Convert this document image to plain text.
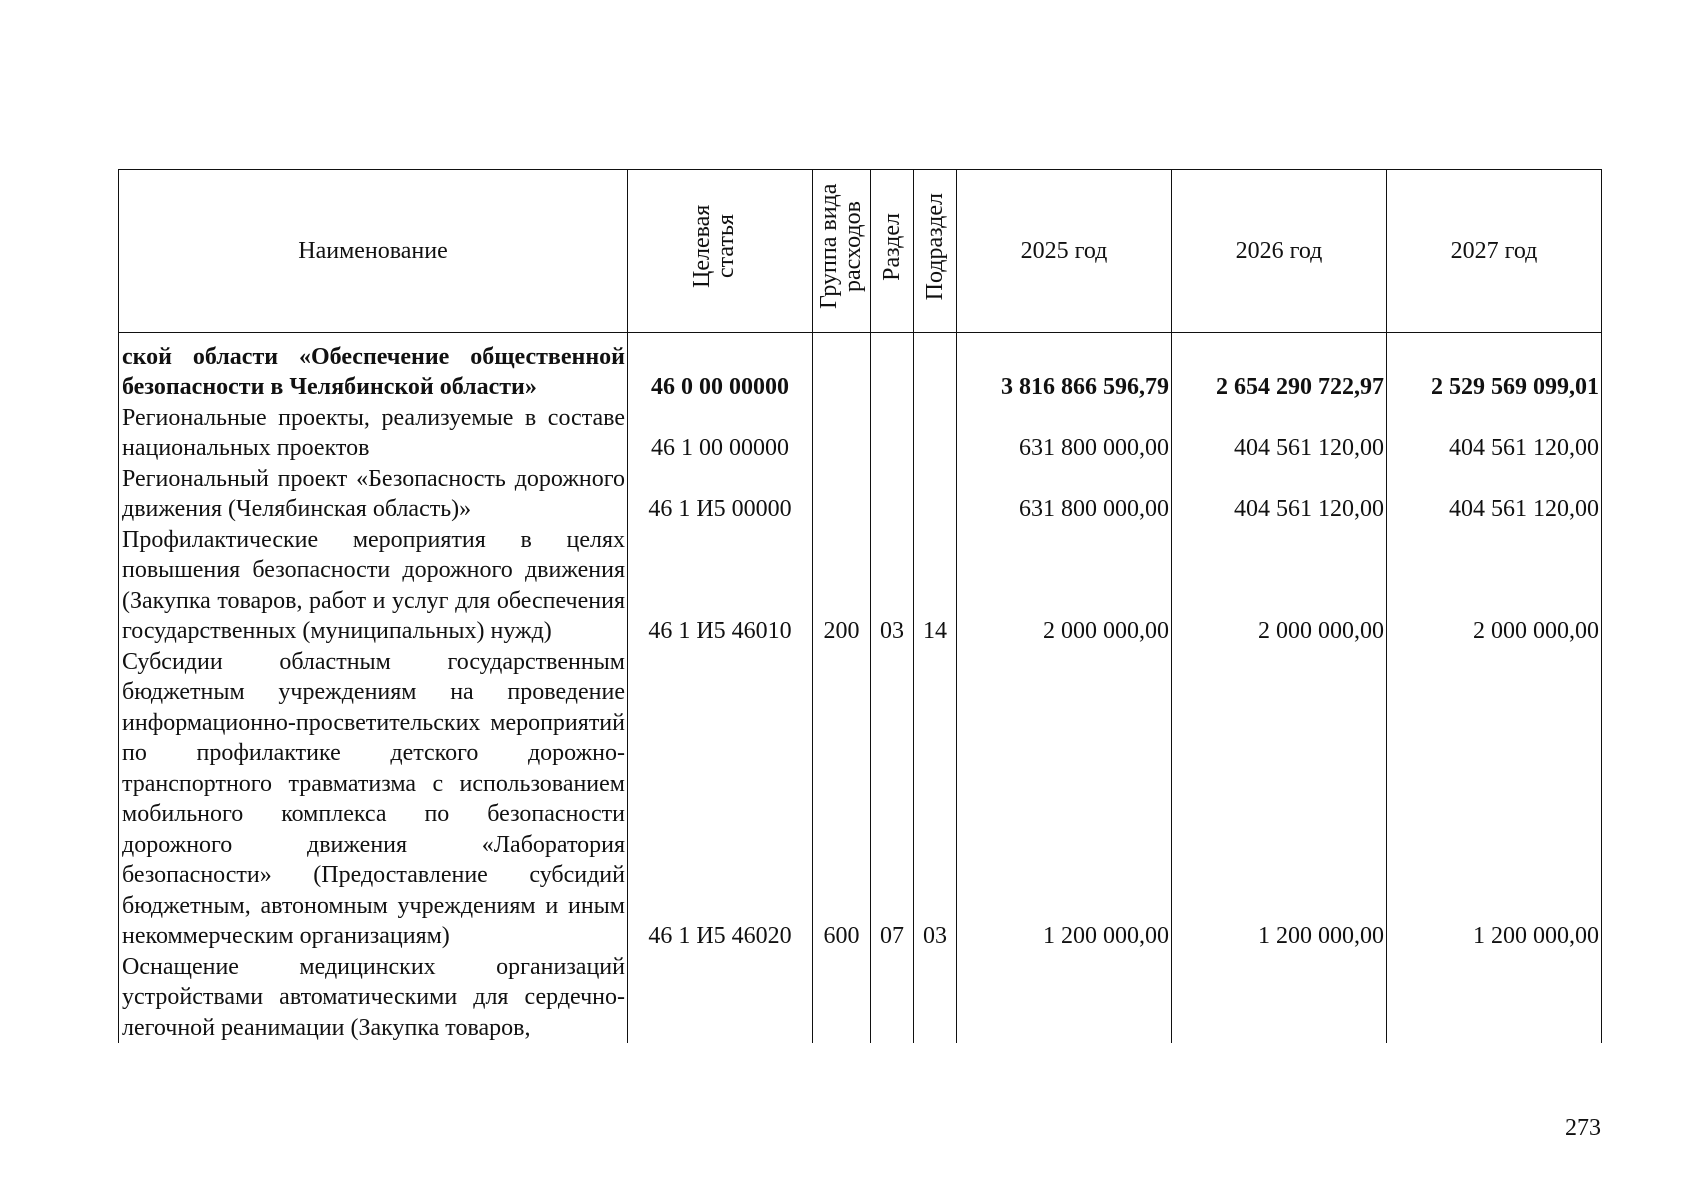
Наименование	Целевая статья	Группа вида расходов	Раздел	Подраздел	2025 год	2026 год	2027 год
ской области «Обеспечение общественной безопасности в Челябинской области»	46 0 00 00000				3 816 866 596,79	2 654 290 722,97	2 529 569 099,01
Региональные проекты, реализуемые в составе национальных проектов	46 1 00 00000				631 800 000,00	404 561 120,00	404 561 120,00
Региональный проект «Безопасность дорожного движения (Челябинская область)»	46 1 И5 00000				631 800 000,00	404 561 120,00	404 561 120,00
Профилактические мероприятия в целях повышения безопасности дорожного движения (Закупка товаров, работ и услуг для обеспечения государственных (муниципальных) нужд)	46 1 И5 46010	200	03	14	2 000 000,00	2 000 000,00	2 000 000,00
Субсидии областным государственным бюджетным учреждениям на проведение информационно-просветительских мероприятий по профилактике детского дорожно-транспортного травматизма с использованием мобильного комплекса по безопасности дорожного движения «Лаборатория безопасности» (Предоставление субсидий бюджетным, автономным учреждениям и иным некоммерческим организациям)	46 1 И5 46020	600	07	03	1 200 000,00	1 200 000,00	1 200 000,00
Оснащение медицинских организаций устройствами автоматическими для сердечно-легочной реанимации (Закупка товаров,							
273
